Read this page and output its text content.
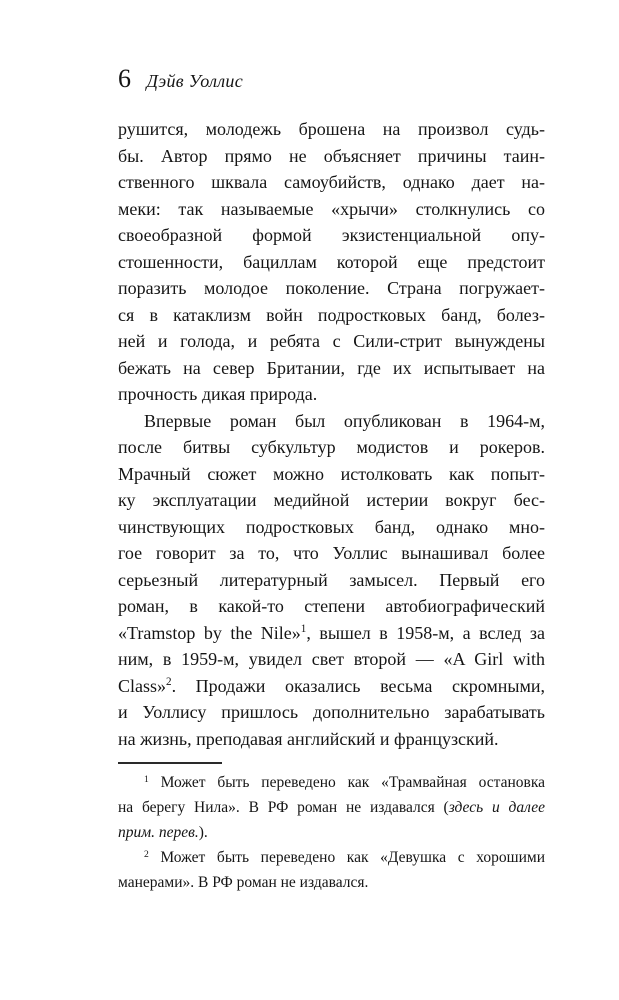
6 Дэйв Уоллис
рушится, молодежь брошена на произвол судь-
бы. Автор прямо не объясняет причины таин-
ственного шквала самоубийств, однако дает на-
меки: так называемые «хрычи» столкнулись со
своеобразной формой экзистенциальной опу-
стошенности, бациллам которой еще предстоит
поразить молодое поколение. Страна погружает-
ся в катаклизм войн подростковых банд, болез-
ней и голода, и ребята с Сили-стрит вынуждены
бежать на север Британии, где их испытывает на
прочность дикая природа.
Впервые роман был опубликован в 1964-м,
после битвы субкультур модистов и рокеров.
Мрачный сюжет можно истолковать как попыт-
ку эксплуатации медийной истерии вокруг бес-
чинствующих подростковых банд, однако мно-
гое говорит за то, что Уоллис вынашивал более
серьезный литературный замысел. Первый его
роман, в какой-то степени автобиографический
«Tramstop by the Nile»$^1$, вышел в 1958-м, а вслед за
ним, в 1959-м, увидел свет второй — «A Girl with
Class»$^2$. Продажи оказались весьма скромными,
и Уоллису пришлось дополнительно зарабатывать
на жизнь, преподавая английский и французский.
$^1$ Может быть переведено как «Трамвайная остановка
на берегу Нила». В РФ роман не издавался (здесь и далее
прим. перев.).
$^2$ Может быть переведено как «Девушка с хорошими
манерами». В РФ роман не издавался.
